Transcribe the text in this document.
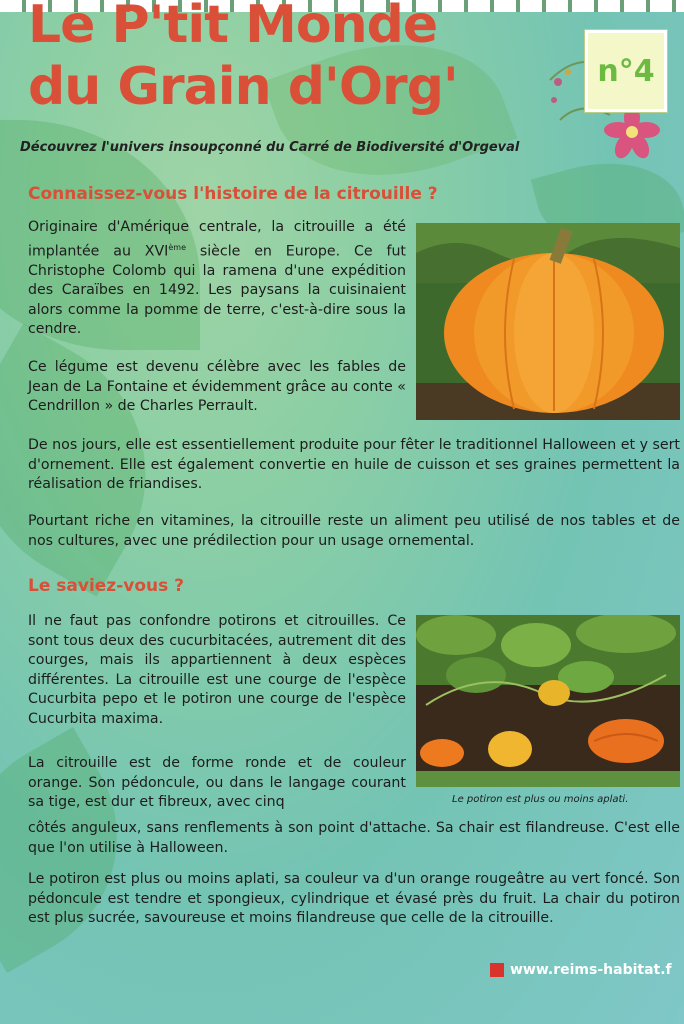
Le P'tit Monde
du Grain d'Org'	n°4
Découvrez l'univers insoupçonné du Carré de Biodiversité d'Orgeval
Connaissez-vous l'histoire de la citrouille ?

Originaire d'Amérique centrale, la citrouille a été implantée au XVIème siècle en Europe. Ce fut Christophe Colomb qui la ramena d'une expédition des Caraïbes en 1492. Les paysans la cuisinaient alors comme la pomme de terre, c'est-à-dire sous la cendre.

Ce légume est devenu célèbre avec les fables de Jean de La Fontaine et évidemment grâce au conte « Cendrillon » de Charles Perrault.

De nos jours, elle est essentiellement produite pour fêter le traditionnel Halloween et y sert d'ornement. Elle est également convertie en huile de cuisson et ses graines permettent la réalisation de friandises.

Pourtant riche en vitamines, la citrouille reste un aliment peu utilisé de nos tables et de nos cultures, avec une prédilection pour un usage ornemental.

Le saviez-vous ?

Il ne faut pas confondre potirons et citrouilles. Ce sont tous deux des cucurbitacées, autrement dit des courges, mais ils appartiennent à deux espèces différentes. La citrouille est une courge de l'espèce Cucurbita pepo et le potiron une courge de l'espèce Cucurbita maxima.

Le potiron est plus ou moins aplati.

La citrouille est de forme ronde et de couleur orange. Son pédoncule, ou dans le langage courant sa tige, est dur et fibreux, avec cinq

côtés anguleux, sans renflements à son point d'attache. Sa chair est filandreuse. C'est elle que l'on utilise à Halloween.

Le potiron est plus ou moins aplati, sa couleur va d'un orange rougeâtre au vert foncé. Son pédoncule est tendre et spongieux, cylindrique et évasé près du fruit. La chair du potiron est plus sucrée, savoureuse et moins filandreuse que celle de la citrouille.

www.reims-habitat.f
